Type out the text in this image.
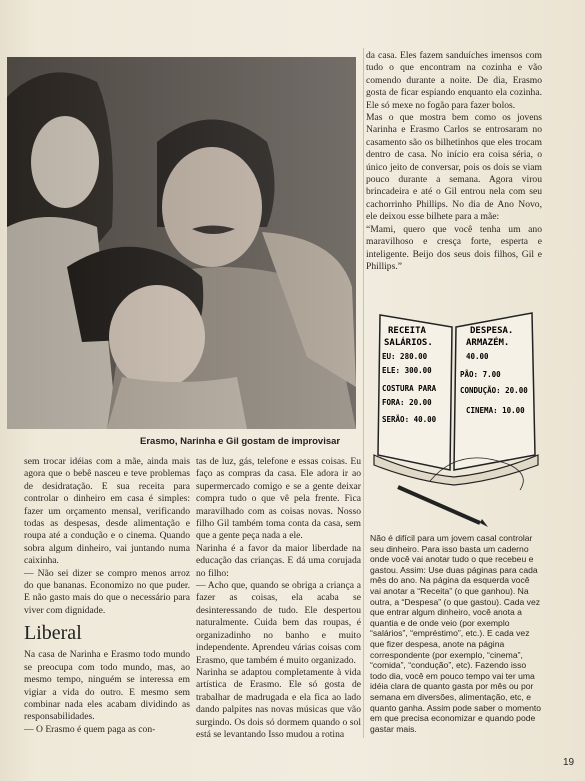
Erasmo, Narinha e Gil gostam de improvisar

sem trocar idéias com a mãe, ainda mais agora que o bebê nasceu e teve problemas de desidratação. E sua receita para controlar o dinheiro em casa é simples: fazer um orçamento mensal, verificando todas as despesas, desde alimentação e roupa até a condução e o cinema. Quando sobra algum dinheiro, vai juntando numa caixinha.

— Não sei dizer se compro menos arroz do que bananas. Economizo no que puder. E não gasto mais do que o necessário para viver com dignidade.

Liberal

Na casa de Narinha e Erasmo todo mundo se preocupa com todo mundo, mas, ao mesmo tempo, ninguém se interessa em vigiar a vida do outro. E mesmo sem combinar nada eles acabam dividindo as responsabilidades.

— O Erasmo é quem paga as con-

tas de luz, gás, telefone e essas coisas. Eu faço as compras da casa. Ele adora ir ao supermercado comigo e se a gente deixar compra tudo o que vê pela frente. Fica maravilhado com as coisas novas. Nosso filho Gil também toma conta da casa, sem que a gente peça nada a ele.

Narinha é a favor da maior liberdade na educação das crianças. E dá uma corujada no filho:

— Acho que, quando se obriga a criança a fazer as coisas, ela acaba se desinteressando de tudo. Ele despertou naturalmente. Cuida bem das roupas, é organizadinho no banho e muito independente. Aprendeu várias coisas com Erasmo, que também é muito organizado.

Narinha se adaptou completamente à vida artística de Erasmo. Ele só gosta de trabalhar de madrugada e ela fica ao lado dando palpites nas novas músicas que vão surgindo. Os dois só dormem quando o sol está se levantando Isso mudou a rotina

da casa. Eles fazem sanduíches imensos com tudo o que encontram na cozinha e vão comendo durante a noite. De dia, Erasmo gosta de ficar espiando enquanto ela cozinha. Ele só mexe no fogão para fazer bolos.

Mas o que mostra bem como os jovens Narinha e Erasmo Carlos se entrosaram no casamento são os bilhetinhos que eles trocam dentro de casa. No início era coisa séria, o único jeito de conversar, pois os dois se viam pouco durante a semana. Agora virou brincadeira e até o Gil entrou nela com seu cachorrinho Phillips. No dia de Ano Novo, ele deixou esse bilhete para a mãe:

“Mami, quero que você tenha um ano maravilhoso e cresça forte, esperta e inteligente. Beijo dos seus dois filhos, Gil e Phillips.”

RECEITA
SALÁRIOS.
EU: 280.00
ELE: 300.00
COSTURA PARA
FORA: 20.00
SERÃO: 40.00
DESPESA.
ARMAZÉM.
40.00
PÃO: 7.00
CONDUÇÃO: 20.00
CINEMA: 10.00
Não é difícil para um jovem casal controlar seu dinheiro. Para isso basta um caderno onde você vai anotar tudo o que recebeu e gastou. Assim: Use duas páginas para cada mês do ano. Na página da esquerda você vai anotar a “Receita” (o que ganhou). Na outra, a “Despesa” (o que gastou). Cada vez que entrar algum dinheiro, você anota a quantia e de onde veio (por exemplo “salários”, “empréstimo”, etc.). E cada vez que fizer despesa, anote na página correspondente (por exemplo, “cinema”, “comida”, “condução”, etc). Fazendo isso todo dia, você em pouco tempo vai ter uma idéia clara de quanto gasta por mês ou por semana em diversões, alimentação, etc, e quanto ganha. Assim pode saber o momento em que precisa economizar e quando pode gastar mais.
19
